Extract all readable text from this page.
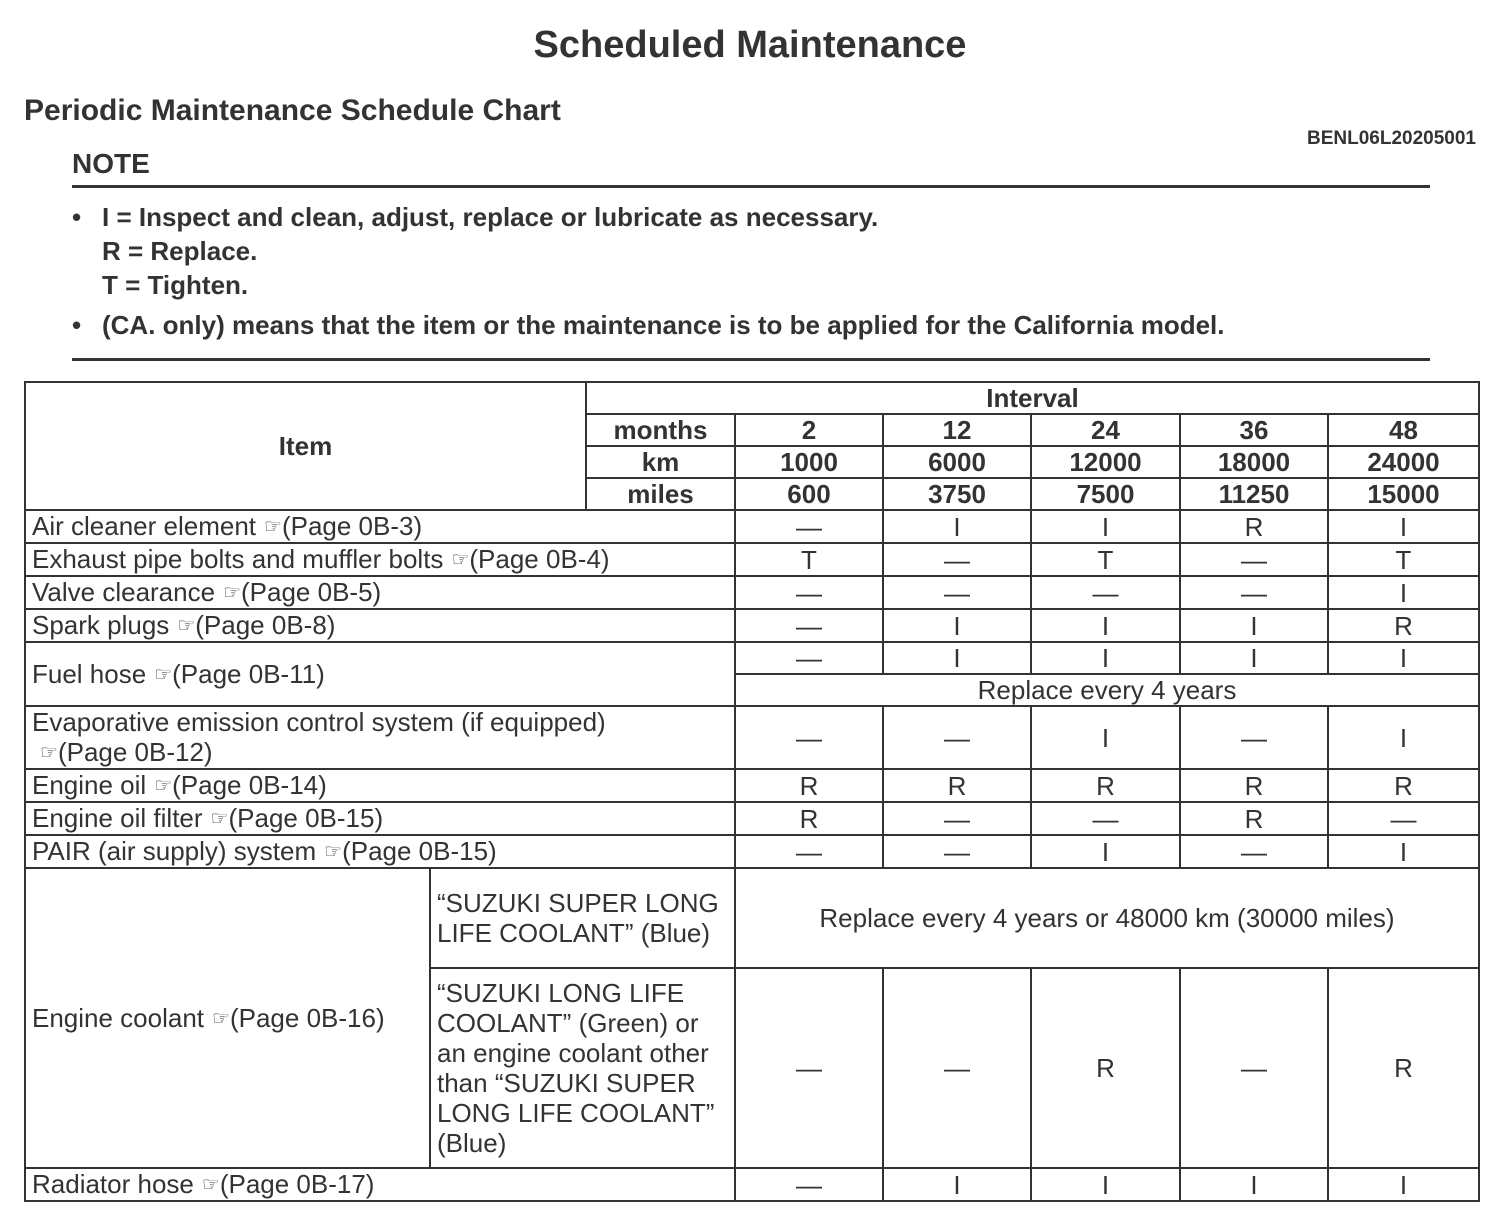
Scheduled Maintenance
Periodic Maintenance Schedule Chart
BENL06L20205001
NOTE
• I = Inspect and clean, adjust, replace or lubricate as necessary.
R = Replace.
T = Tighten.
• (CA. only) means that the item or the maintenance is to be applied for the California model.
Item		Interval					
		months	2	12	24	36	48
		km	1000	6000	12000	18000	24000
		miles	600	3750	7500	11250	15000
Air cleaner element ☞(Page 0B-3)			—	I	I	R	I
Exhaust pipe bolts and muffler bolts ☞(Page 0B-4)			T	—	T	—	T
Valve clearance ☞(Page 0B-5)			—	—	—	—	I
Spark plugs ☞(Page 0B-8)			—	I	I	I	R
Fuel hose ☞(Page 0B-11)			—	I	I	I	I
			Replace every 4 years				
Evaporative emission control system (if equipped)
☞(Page 0B-12)			—	—	I	—	I
Engine oil ☞(Page 0B-14)			R	R	R	R	R
Engine oil filter ☞(Page 0B-15)			R	—	—	R	—
PAIR (air supply) system ☞(Page 0B-15)			—	—	I	—	I
Engine coolant ☞(Page 0B-16)	“SUZUKI SUPER LONG LIFE COOLANT” (Blue)		Replace every 4 years or 48000 km (30000 miles)				
	“SUZUKI LONG LIFE COOLANT” (Green) or an engine coolant other than “SUZUKI SUPER LONG LIFE COOLANT” (Blue)		—	—	R	—	R
Radiator hose ☞(Page 0B-17)			—	I	I	I	I
